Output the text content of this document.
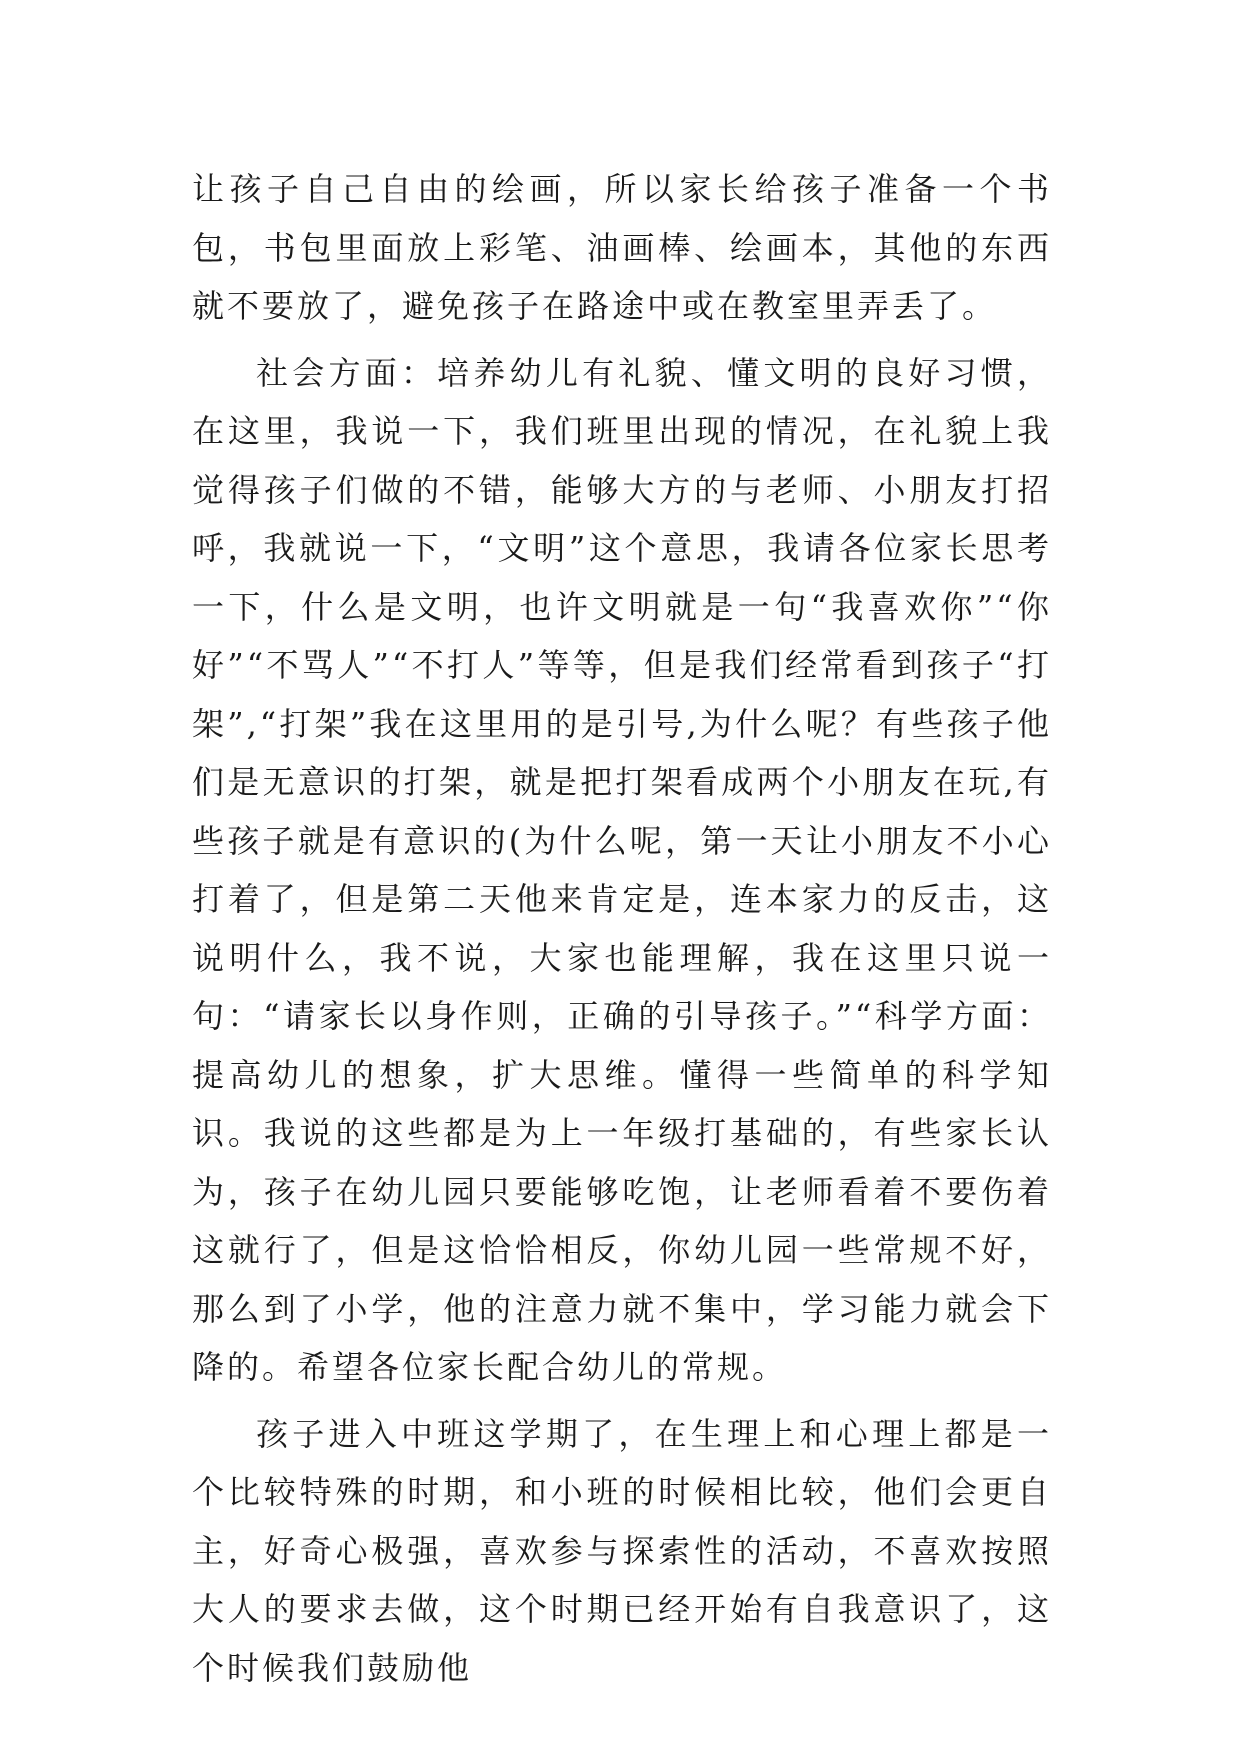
让孩子自己自由的绘画，所以家长给孩子准备一个书包，书包里面放上彩笔、油画棒、绘画本，其他的东西就不要放了，避免孩子在路途中或在教室里弄丢了。

社会方面：培养幼儿有礼貌、懂文明的良好习惯，在这里，我说一下，我们班里出现的情况，在礼貌上我觉得孩子们做的不错，能够大方的与老师、小朋友打招呼，我就说一下，“文明”这个意思，我请各位家长思考一下，什么是文明，也许文明就是一句“我喜欢你”“你好”“不骂人”“不打人”等等，但是我们经常看到孩子“打架”,“打架”我在这里用的是引号,为什么呢？有些孩子他们是无意识的打架，就是把打架看成两个小朋友在玩,有些孩子就是有意识的(为什么呢，第一天让小朋友不小心打着了，但是第二天他来肯定是，连本家力的反击，这说明什么，我不说，大家也能理解，我在这里只说一句：“请家长以身作则，正确的引导孩子。”“科学方面：提高幼儿的想象，扩大思维。懂得一些简单的科学知识。我说的这些都是为上一年级打基础的，有些家长认为，孩子在幼儿园只要能够吃饱，让老师看着不要伤着这就行了，但是这恰恰相反，你幼儿园一些常规不好，那么到了小学，他的注意力就不集中，学习能力就会下降的。希望各位家长配合幼儿的常规。

孩子进入中班这学期了，在生理上和心理上都是一个比较特殊的时期，和小班的时候相比较，他们会更自主，好奇心极强，喜欢参与探索性的活动，不喜欢按照大人的要求去做，这个时期已经开始有自我意识了，这个时候我们鼓励他
